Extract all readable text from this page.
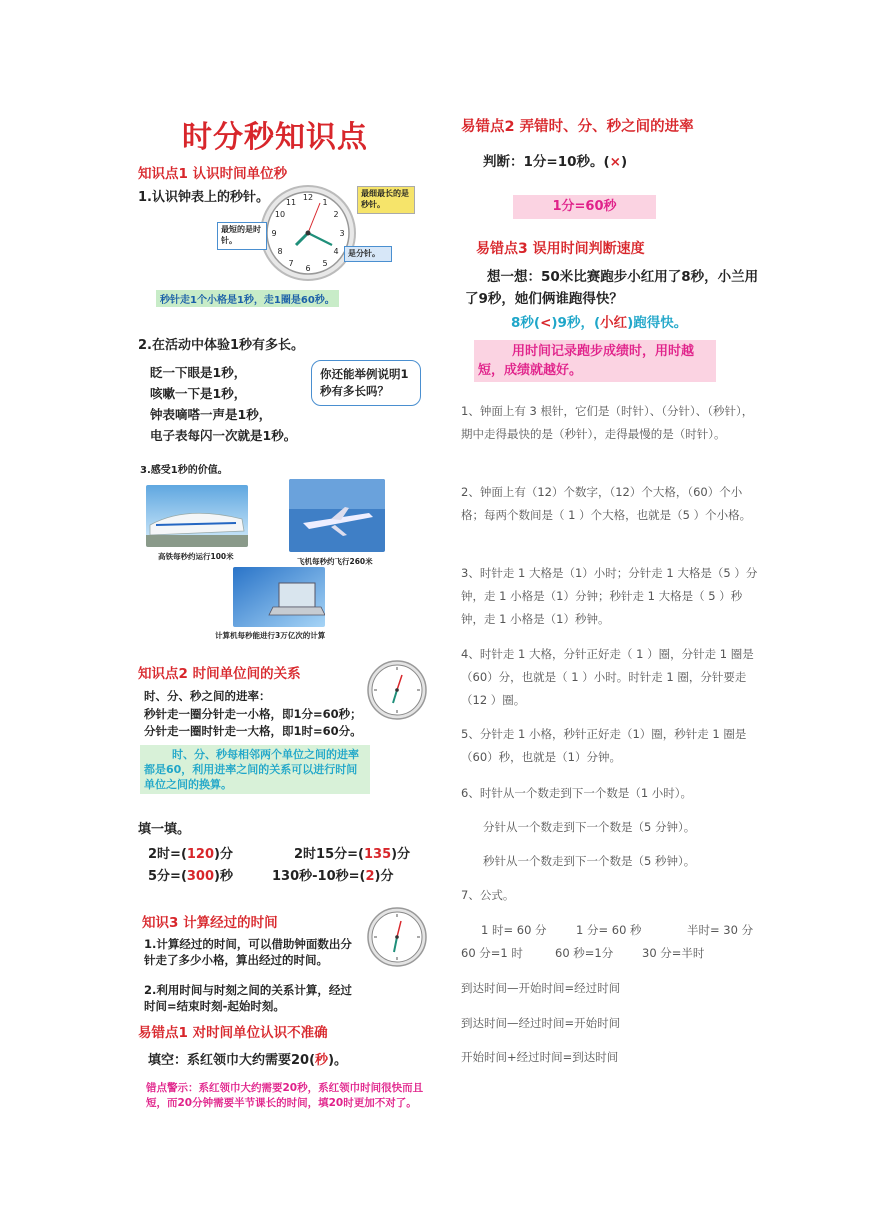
时分秒知识点
知识点1 认识时间单位秒
1.认识钟表上的秒针。	12
1
2
3
4
5
6
7
8
9
10
11
最细最长的是秒针。
最短的是时针。
是分针。
秒针走1个小格是1秒，走1圈是60秒。
2.在活动中体验1秒有多长。
眨一下眼是1秒，
咳嗽一下是1秒，
钟表嘀嗒一声是1秒，
电子表每闪一次就是1秒。
你还能举例说明1秒有多长吗？
3.感受1秒的价值。
高铁每秒约运行100米
飞机每秒约飞行260米
计算机每秒能进行3万亿次的计算
知识点2 时间单位间的关系
时、分、秒之间的进率：
秒针走一圈分针走一小格，即1分=60秒；
分针走一圈时针走一大格，即1时=60分。
时、分、秒每相邻两个单位之间的进率都是60，利用进率之间的关系可以进行时间单位之间的换算。
填一填。
2时=(120)分	2时15分=(135)分
5分=(300)秒	130秒-10秒=(2)分
知识3 计算经过的时间
1.计算经过的时间，可以借助钟面数出分针走了多少小格，算出经过的时间。
2.利用时间与时刻之间的关系计算，经过时间=结束时刻-起始时刻。
易错点1 对时间单位认识不准确
填空：系红领巾大约需要20(秒)。
错点警示：系红领巾大约需要20秒，系红领巾时间很快而且短，而20分钟需要半节课长的时间，填20时更加不对了。
易错点2 弄错时、分、秒之间的进率
判断：1分=10秒。(×)
1分=60秒
易错点3 误用时间判断速度
想一想：50米比赛跑步小红用了8秒，小兰用了9秒，她们俩谁跑得快？
8秒(<)9秒，(小红)跑得快。
用时间记录跑步成绩时，用时越短，成绩就越好。
1、钟面上有 3 根针，它们是（时针）、（分针）、（秒针），期中走得最快的是（秒针），走得最慢的是（时针）。
2、钟面上有（12）个数字，（12）个大格，（60）个小格；每两个数间是（ 1 ）个大格，也就是（5 ）个小格。
3、时针走 1 大格是（1）小时；分针走 1 大格是（5 ）分钟，走 1 小格是（1）分钟；秒针走 1 大格是（ 5 ）秒钟，走 1 小格是（1）秒钟。
4、时针走 1 大格，分针正好走（ 1 ）圈，分针走 1 圈是（60）分，也就是（ 1 ）小时。时针走 1 圈，分针要走（12 ）圈。
5、分针走 1 小格，秒针正好走（1）圈，秒针走 1 圈是（60）秒，也就是（1）分钟。
6、时针从一个数走到下一个数是（1 小时）。
分针从一个数走到下一个数是（5 分钟）。
秒针从一个数走到下一个数是（5 秒钟）。
7、公式。
1 时= 60 分	1 分= 60 秒	半时= 30 分
60 分=1 时	60 秒=1分	30 分=半时
到达时间—开始时间=经过时间
到达时间—经过时间=开始时间
开始时间+经过时间=到达时间
